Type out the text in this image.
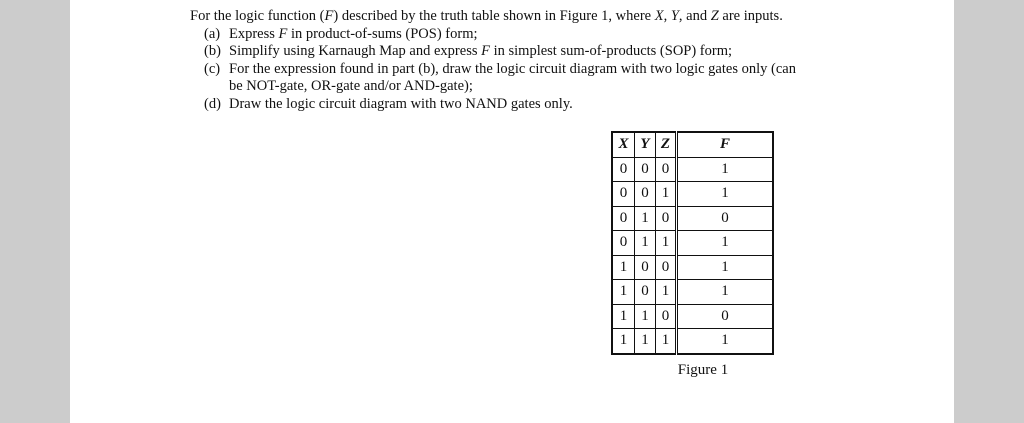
For the logic function (F) described by the truth table shown in Figure 1, where X, Y, and Z are inputs.
(a) Express F in product-of-sums (POS) form;
(b) Simplify using Karnaugh Map and express F in simplest sum-of-products (SOP) form;
(c) For the expression found in part (b), draw the logic circuit diagram with two logic gates only (can be NOT-gate, OR-gate and/or AND-gate);
(d) Draw the logic circuit diagram with two NAND gates only.
X	Y	Z	F
0	0	0	1
0	0	1	1
0	1	0	0
0	1	1	1
1	0	0	1
1	0	1	1
1	1	0	0
1	1	1	1
Figure 1
